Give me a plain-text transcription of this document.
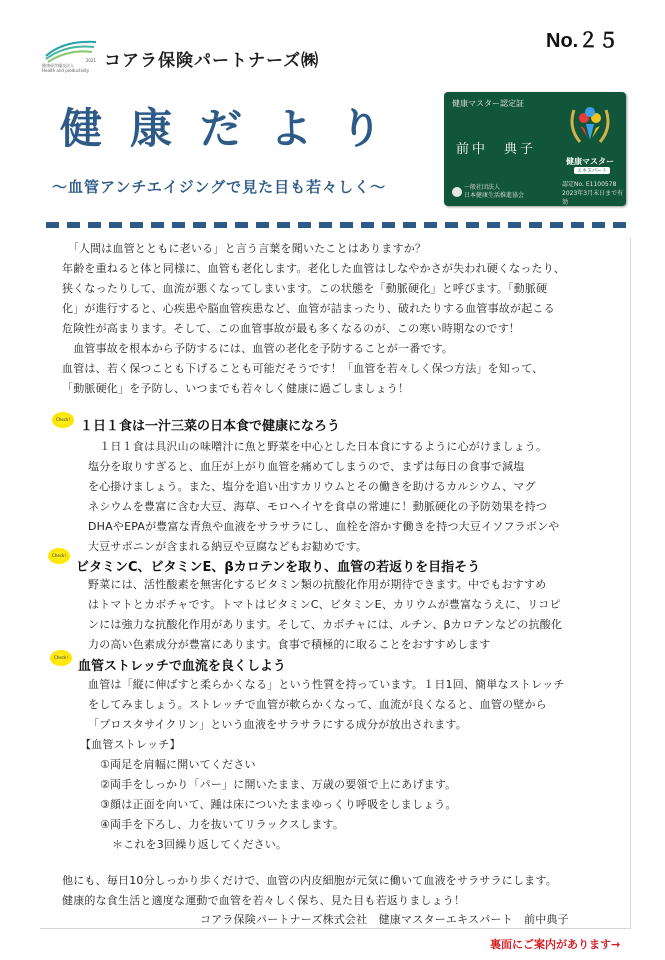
2021
健康経営優良法人
Health and productivity コアラ保険パートナーズ㈱
No.２５
健康だより
〜血管アンチエイジングで見た目も若々しく〜
健康マスター認定証
前中　典子
健康マスター
エキスパート
一般社団法人
日本健康生活推進協会
認定No. E1100578
2023年3月末日まで有効
　「人間は血管とともに老いる」と言う言葉を聞いたことはありますか？
年齢を重ねると体と同様に、血管も老化します。老化した血管はしなやかさが失われ硬くなったり、
狭くなったりして、血流が悪くなってしまいます。この状態を「動脈硬化」と呼びます。「動脈硬
化」が進行すると、心疾患や脳血管疾患など、血管が詰まったり、破れたりする血管事故が起こる
危険性が高まります。そして、この血管事故が最も多くなるのが、この寒い時期なのです！
　血管事故を根本から予防するには、血管の老化を予防することが一番です。
血管は、若く保つことも下げることも可能だそうです！「血管を若々しく保つ方法」を知って、
「動脈硬化」を予防し、いつまでも若々しく健康に過ごしましょう！
Check! １日１食は一汁三菜の日本食で健康になろう
　１日１食は具沢山の味噌汁に魚と野菜を中心とした日本食にするように心がけましょう。
塩分を取りすぎると、血圧が上がり血管を痛めてしまうので、まずは毎日の食事で減塩
を心掛けましょう。また、塩分を追い出すカリウムとその働きを助けるカルシウム、マグ
ネシウムを豊富に含む大豆、海草、モロヘイヤを食卓の常連に！動脈硬化の予防効果を持つ
DHAやEPAが豊富な青魚や血液をサラサラにし、血栓を溶かす働きを持つ大豆イソフラボンや
大豆サポニンが含まれる納豆や豆腐などもお勧めです。
Check!
ビタミンC、ビタミンE、βカロテンを取り、血管の若返りを目指そう
野菜には、活性酸素を無害化するビタミン類の抗酸化作用が期待できます。中でもおすすめ
はトマトとカボチャです。トマトはビタミンC、ビタミンE、カリウムが豊富なうえに、リコピ
ンには強力な抗酸化作用があります。そして、カボチャには、ルチン、βカロテンなどの抗酸化
力の高い色素成分が豊富にあります。食事で積極的に取ることをおすすめします
Check!
血管ストレッチで血流を良くしよう
血管は「縦に伸ばすと柔らかくなる」という性質を持っています。１日1回、簡単なストレッチ
をしてみましょう。ストレッチで血管が軟らかくなって、血流が良くなると、血管の壁から
「プロスタサイクリン」という血液をサラサラにする成分が放出されます。
【血管ストレッチ】
①両足を肩幅に開いてください
②両手をしっかり「パー」に開いたまま、万歳の要領で上にあげます。
③顔は正面を向いて、踵は床についたままゆっくり呼吸をしましょう。
④両手を下ろし、力を抜いてリラックスします。
＊これを3回繰り返してください。
他にも、毎日10分しっかり歩くだけで、血管の内皮細胞が元気に働いて血液をサラサラにします。
健康的な食生活と適度な運動で血管を若々しく保ち、見た目も若返りましょう！
コアラ保険パートナーズ株式会社　健康マスターエキスパート　前中典子
裏面にご案内があります→
